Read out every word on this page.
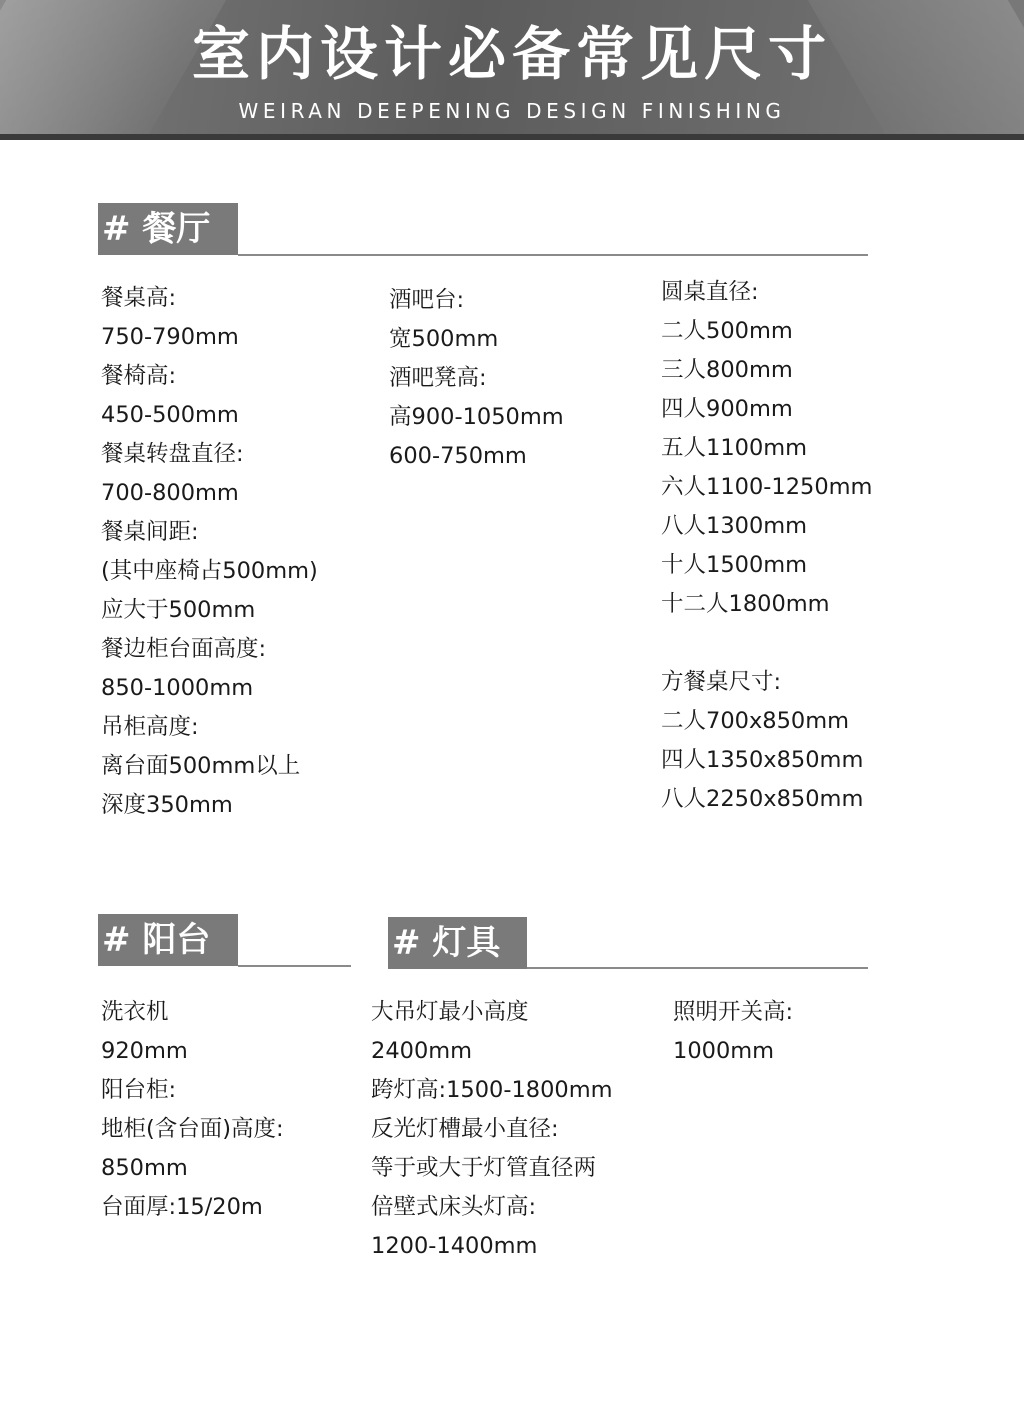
室内设计必备常见尺寸
WEIRAN DEEPENING DESIGN FINISHING
# 餐厅
餐桌高:
750-790mm
餐椅高:
450-500mm
餐桌转盘直径:
700-800mm
餐桌间距:
(其中座椅占500mm)
应大于500mm
餐边柜台面高度:
850-1000mm
吊柜高度:
离台面500mm以上
深度350mm
酒吧台:
宽500mm
酒吧凳高:
高900-1050mm
600-750mm
圆桌直径:
二人500mm
三人800mm
四人900mm
五人1100mm
六人1100-1250mm
八人1300mm
十人1500mm
十二人1800mm
方餐桌尺寸:
二人700x850mm
四人1350x850mm
八人2250x850mm
# 阳台
洗衣机
920mm
阳台柜:
地柜(含台面)高度:
850mm
台面厚:15/20m
# 灯具
大吊灯最小高度
2400mm
跨灯高:1500-1800mm
反光灯槽最小直径:
等于或大于灯管直径两
倍壁式床头灯高:
1200-1400mm
照明开关高:
1000mm
